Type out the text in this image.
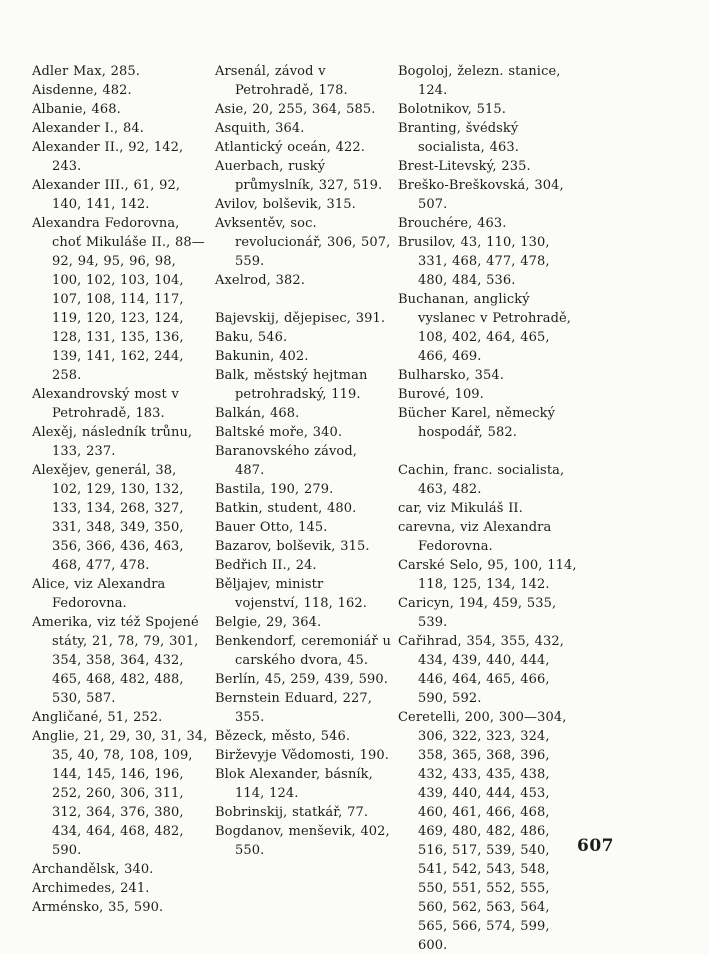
Adler Max, 285.
Aisdenne, 482.
Albanie, 468.
Alexander I., 84.
Alexander II., 92, 142, 243.
Alexander III., 61, 92, 140, 141, 142.
Alexandra Fedorovna, choť Mikuláše II., 88—92, 94, 95, 96, 98, 100, 102, 103, 104, 107, 108, 114, 117, 119, 120, 123, 124, 128, 131, 135, 136, 139, 141, 162, 244, 258.
Alexandrovský most v Petrohradě, 183.
Alexěj, následník trůnu, 133, 237.
Alexějev, generál, 38, 102, 129, 130, 132, 133, 134, 268, 327, 331, 348, 349, 350, 356, 366, 436, 463, 468, 477, 478.
Alice, viz Alexandra Fedorovna.
Amerika, viz též Spojené státy, 21, 78, 79, 301, 354, 358, 364, 432, 465, 468, 482, 488, 530, 587.
Angličané, 51, 252.
Anglie, 21, 29, 30, 31, 34, 35, 40, 78, 108, 109, 144, 145, 146, 196, 252, 260, 306, 311, 312, 364, 376, 380, 434, 464, 468, 482, 590.
Archandělsk, 340.
Archimedes, 241.
Arménsko, 35, 590.
Arsenál, závod v Petrohradě, 178.
Asie, 20, 255, 364, 585.
Asquith, 364.
Atlantický oceán, 422.
Auerbach, ruský průmyslník, 327, 519.
Avilov, bolševik, 315.
Avksentěv, soc. revolucionář, 306, 507, 559.
Axelrod, 382.
Bajevskij, dějepisec, 391.
Baku, 546.
Bakunin, 402.
Balk, městský hejtman petrohradský, 119.
Balkán, 468.
Baltské moře, 340.
Baranovského závod, 487.
Bastila, 190, 279.
Batkin, student, 480.
Bauer Otto, 145.
Bazarov, bolševik, 315.
Bedřich II., 24.
Běljajev, ministr vojenství, 118, 162.
Belgie, 29, 364.
Benkendorf, ceremoniář u carského dvora, 45.
Berlín, 45, 259, 439, 590.
Bernstein Eduard, 227, 355.
Bězeck, město, 546.
Birževyje Vědomosti, 190.
Blok Alexander, básník, 114, 124.
Bobrinskij, statkář, 77.
Bogdanov, menševik, 402, 550.
Bogoloj, železn. stanice, 124.
Bolotnikov, 515.
Branting, švédský socialista, 463.
Brest-Litevský, 235.
Breško-Breškovská, 304, 507.
Brouchére, 463.
Brusilov, 43, 110, 130, 331, 468, 477, 478, 480, 484, 536.
Buchanan, anglický vyslanec v Petrohradě, 108, 402, 464, 465, 466, 469.
Bulharsko, 354.
Burové, 109.
Bücher Karel, německý hospodář, 582.
Cachin, franc. socialista, 463, 482.
car, viz Mikuláš II.
carevna, viz Alexandra Fedorovna.
Carské Selo, 95, 100, 114, 118, 125, 134, 142.
Caricyn, 194, 459, 535, 539.
Cařihrad, 354, 355, 432, 434, 439, 440, 444, 446, 464, 465, 466, 590, 592.
Ceretelli, 200, 300—304, 306, 322, 323, 324, 358, 365, 368, 396, 432, 433, 435, 438, 439, 440, 444, 453, 460, 461, 466, 468, 469, 480, 482, 486, 516, 517, 539, 540, 541, 542, 543, 548, 550, 551, 552, 555, 560, 562, 563, 564, 565, 566, 574, 599, 600.
607
